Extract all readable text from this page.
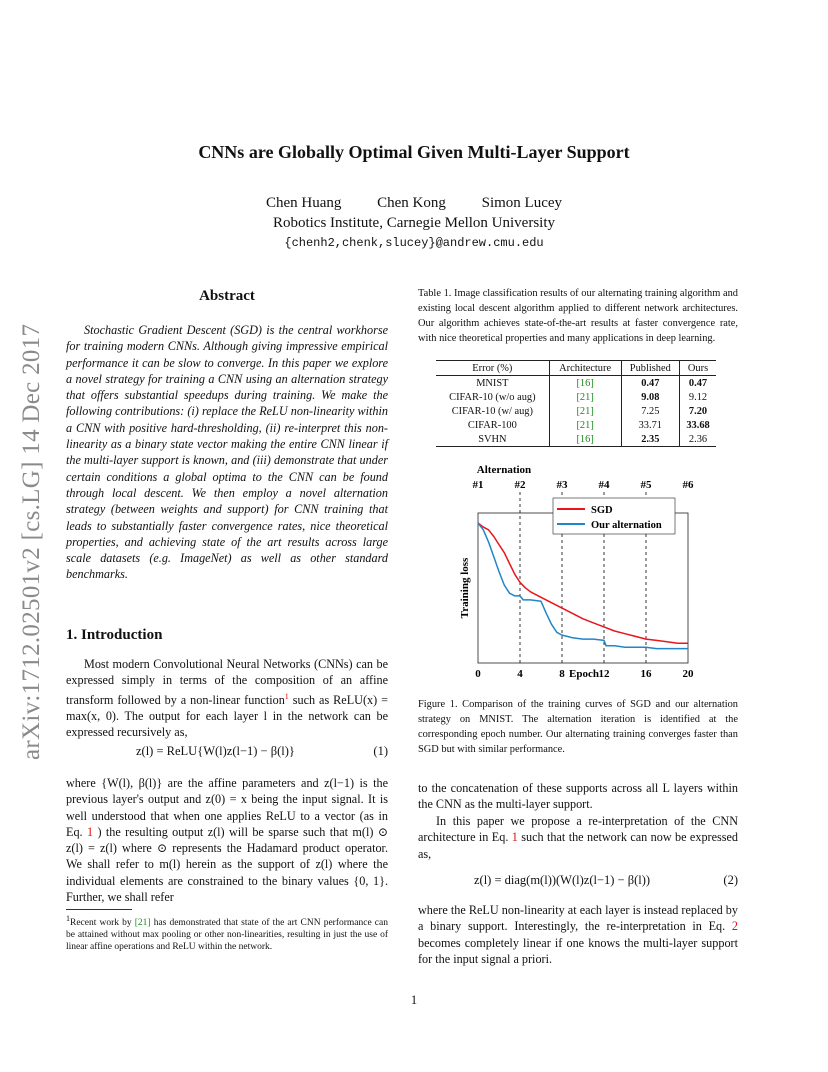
CNNs are Globally Optimal Given Multi-Layer Support
Chen Huang Chen Kong Simon Lucey
Robotics Institute, Carnegie Mellon University
{chenh2,chenk,slucey}@andrew.cmu.edu
arXiv:1712.02501v2 [cs.LG] 14 Dec 2017
Abstract
Stochastic Gradient Descent (SGD) is the central workhorse for training modern CNNs. Although giving impressive empirical performance it can be slow to converge. In this paper we explore a novel strategy for training a CNN using an alternation strategy that offers substantial speedups during training. We make the following contributions: (i) replace the ReLU non-linearity within a CNN with positive hard-thresholding, (ii) re-interpret this non-linearity as a binary state vector making the entire CNN linear if the multi-layer support is known, and (iii) demonstrate that under certain conditions a global optima to the CNN can be found through local descent. We then employ a novel alternation strategy (between weights and support) for CNN training that leads to substantially faster convergence rates, nice theoretical properties, and achieving state of the art results across large scale datasets (e.g. ImageNet) as well as other standard benchmarks.
1. Introduction
Most modern Convolutional Neural Networks (CNNs) can be expressed simply in terms of the composition of an affine transform followed by a non-linear function$^1$ such as ReLU(x) = max(x, 0). The output for each layer l in the network can be expressed recursively as,
z(l) = ReLU{W(l)z(l−1) − β(l)}	(1)
where {W(l), β(l)} are the affine parameters and z(l−1) is the previous layer's output and z(0) = x being the input signal. It is well understood that when one applies ReLU to a vector (as in Eq. 1 ) the resulting output z(l) will be sparse such that m(l) ⊙ z(l) = z(l) where ⊙ represents the Hadamard product operator. We shall refer to m(l) herein as the support of z(l) where the individual elements are constrained to the binary values {0, 1}. Further, we shall refer
$^1$Recent work by [21] has demonstrated that state of the art CNN performance can be attained without max pooling or other non-linearities, resulting in just the use of linear affine operations and ReLU within the network.
Table 1. Image classification results of our alternating training algorithm and existing local descent algorithm applied to different network architectures. Our algorithm achieves state-of-the-art results at faster convergence rate, with nice theoretical properties and many applications in deep learning.
Error (%)	Architecture	Published	Ours
MNIST	[16]	0.47	0.47
CIFAR-10 (w/o aug)	[21]	9.08	9.12
CIFAR-10 (w/ aug)	[21]	7.25	7.20
CIFAR-100	[21]	33.71	33.68
SVHN	[16]	2.35	2.36
Alternation
#1	#2	#3	#4	#5	#6
0	4	8	12	16	20
Epoch
Training loss
SGD
Our alternation
Figure 1. Comparison of the training curves of SGD and our alternation strategy on MNIST. The alternation iteration is identified at the corresponding epoch number. Our alternating training converges faster than SGD but with similar performance.
to the concatenation of these supports across all L layers within the CNN as the multi-layer support.
In this paper we propose a re-interpretation of the CNN architecture in Eq. 1 such that the network can now be expressed as,
z(l) = diag(m(l))(W(l)z(l−1) − β(l))	(2)
where the ReLU non-linearity at each layer is instead replaced by a binary support. Interestingly, the re-interpretation in Eq. 2 becomes completely linear if one knows the multi-layer support for the input signal a priori.
1
